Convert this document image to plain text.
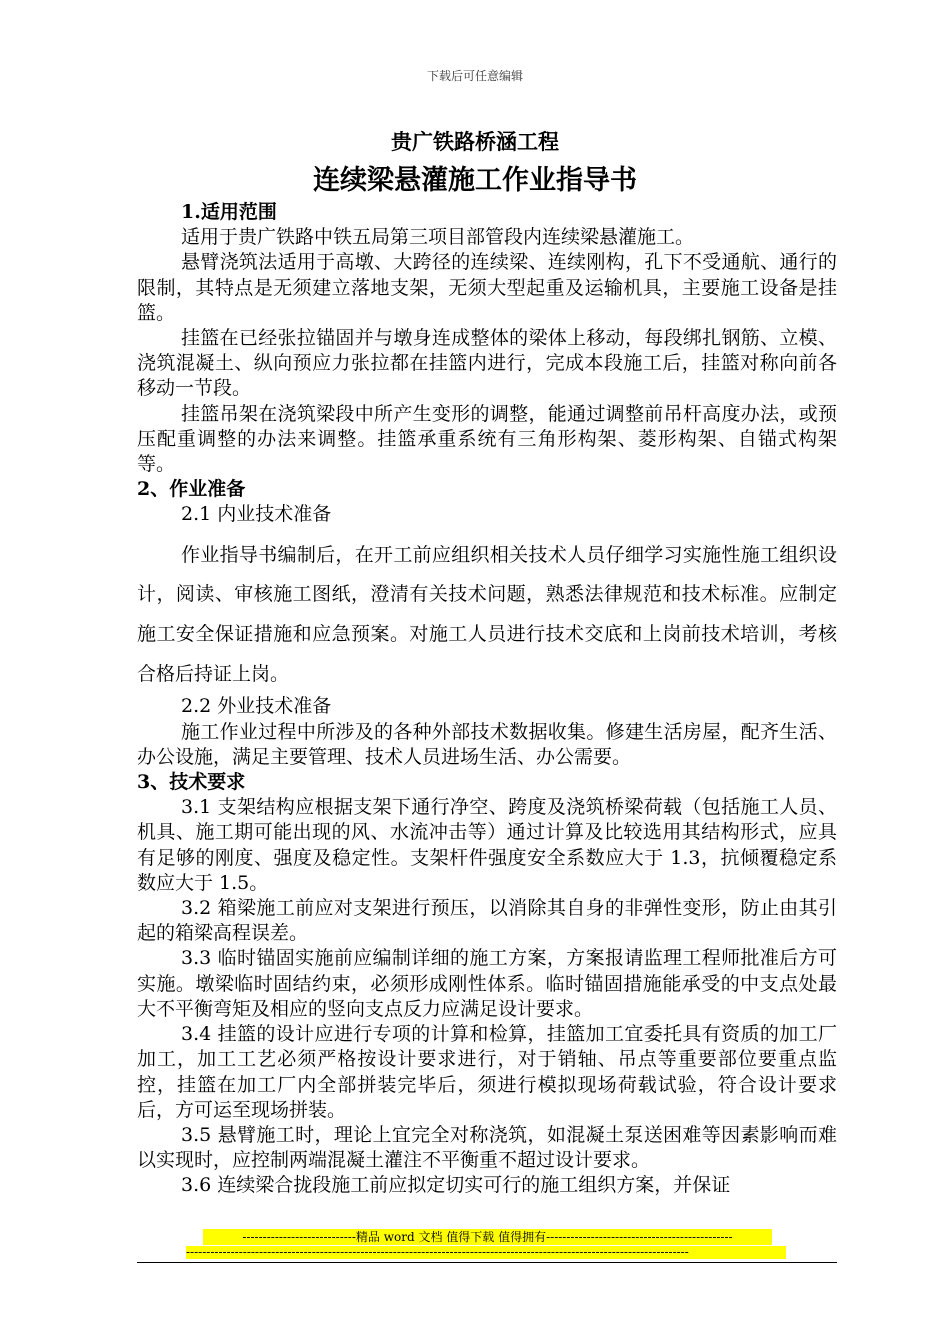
下载后可任意编辑
贵广铁路桥涵工程
连续梁悬灌施工作业指导书

1.适用范围

适用于贵广铁路中铁五局第三项目部管段内连续梁悬灌施工。

悬臂浇筑法适用于高墩、大跨径的连续梁、连续刚构，孔下不受通航、通行的限制，其特点是无须建立落地支架，无须大型起重及运输机具，主要施工设备是挂篮。

挂篮在已经张拉锚固并与墩身连成整体的梁体上移动，每段绑扎钢筋、立模、浇筑混凝土、纵向预应力张拉都在挂篮内进行，完成本段施工后，挂篮对称向前各移动一节段。

挂篮吊架在浇筑梁段中所产生变形的调整，能通过调整前吊杆高度办法，或预压配重调整的办法来调整。挂篮承重系统有三角形构架、菱形构架、自锚式构架等。

2、作业准备

2.1 内业技术准备

作业指导书编制后，在开工前应组织相关技术人员仔细学习实施性施工组织设计，阅读、审核施工图纸，澄清有关技术问题，熟悉法律规范和技术标准。应制定施工安全保证措施和应急预案。对施工人员进行技术交底和上岗前技术培训，考核合格后持证上岗。

2.2 外业技术准备

施工作业过程中所涉及的各种外部技术数据收集。修建生活房屋，配齐生活、办公设施，满足主要管理、技术人员进场生活、办公需要。

3、技术要求

3.1 支架结构应根据支架下通行净空、跨度及浇筑桥梁荷载（包括施工人员、机具、施工期可能出现的风、水流冲击等）通过计算及比较选用其结构形式，应具有足够的刚度、强度及稳定性。支架杆件强度安全系数应大于 1.3，抗倾覆稳定系数应大于 1.5。

3.2 箱梁施工前应对支架进行预压，以消除其自身的非弹性变形，防止由其引起的箱梁高程误差。

3.3 临时锚固实施前应编制详细的施工方案，方案报请监理工程师批准后方可实施。墩梁临时固结约束，必须形成刚性体系。临时锚固措施能承受的中支点处最大不平衡弯矩及相应的竖向支点反力应满足设计要求。

3.4 挂篮的设计应进行专项的计算和检算，挂篮加工宜委托具有资质的加工厂加工，加工工艺必须严格按设计要求进行，对于销轴、吊点等重要部位要重点监控，挂篮在加工厂内全部拼装完毕后，须进行模拟现场荷载试验，符合设计要求后，方可运至现场拼装。

3.5 悬臂施工时，理论上宜完全对称浇筑，如混凝土泵送困难等因素影响而难以实现时，应控制两端混凝土灌注不平衡重不超过设计要求。

3.6 连续梁合拢段施工前应拟定切实可行的施工组织方案，并保证

----------------------------精品 word 文档 值得下载 值得拥有----------------------------------------------
----------------------------------------------------------------------------------------------------------------------------
